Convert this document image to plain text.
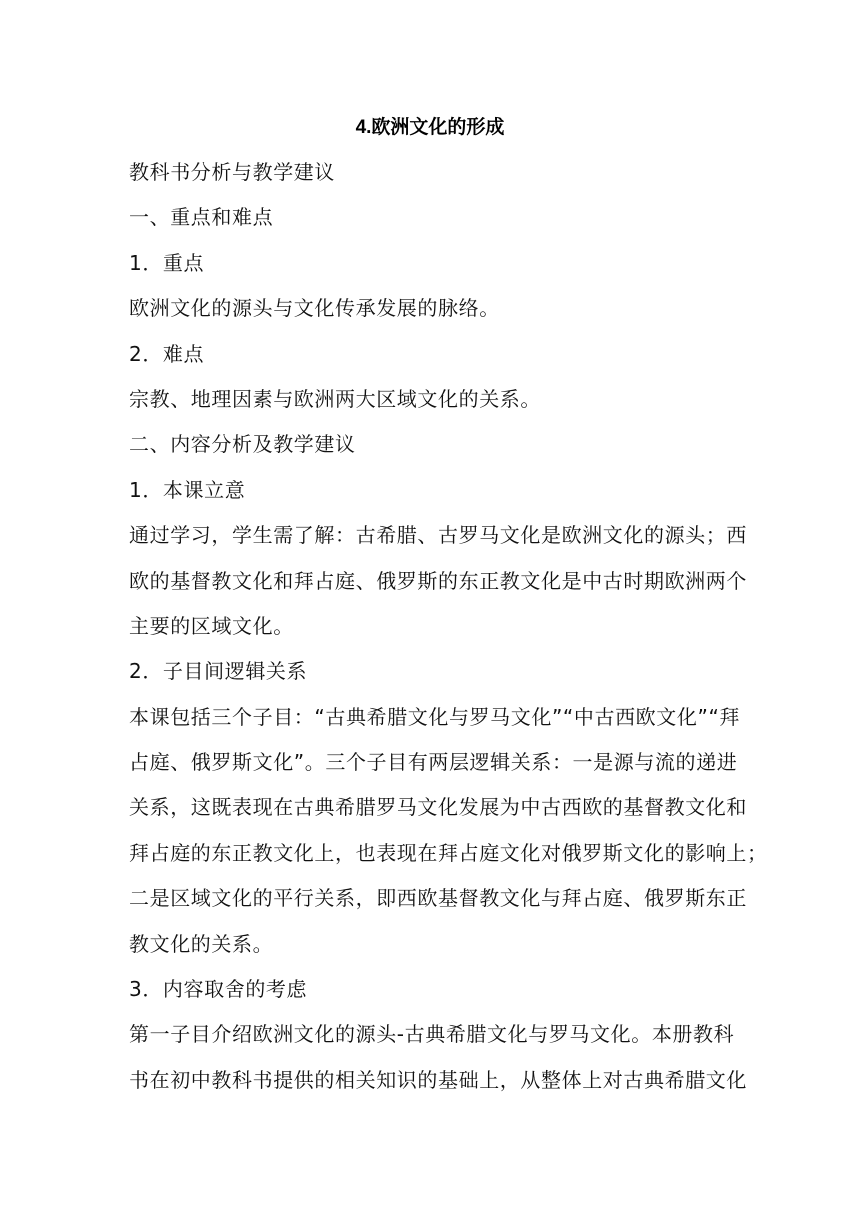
4.欧洲文化的形成
教科书分析与教学建议
一、重点和难点
1．重点
欧洲文化的源头与文化传承发展的脉络。
2．难点
宗教、地理因素与欧洲两大区域文化的关系。
二、内容分析及教学建议
1．本课立意
通过学习，学生需了解：古希腊、古罗马文化是欧洲文化的源头；西
欧的基督教文化和拜占庭、俄罗斯的东正教文化是中古时期欧洲两个
主要的区域文化。
2．子目间逻辑关系
本课包括三个子目：“古典希腊文化与罗马文化”“中古西欧文化”“拜
占庭、俄罗斯文化”。三个子目有两层逻辑关系：一是源与流的递进
关系，这既表现在古典希腊罗马文化发展为中古西欧的基督教文化和
拜占庭的东正教文化上，也表现在拜占庭文化对俄罗斯文化的影响上；
二是区域文化的平行关系，即西欧基督教文化与拜占庭、俄罗斯东正
教文化的关系。
3．内容取舍的考虑
第一子目介绍欧洲文化的源头-古典希腊文化与罗马文化。本册教科
书在初中教科书提供的相关知识的基础上，从整体上对古典希腊文化
